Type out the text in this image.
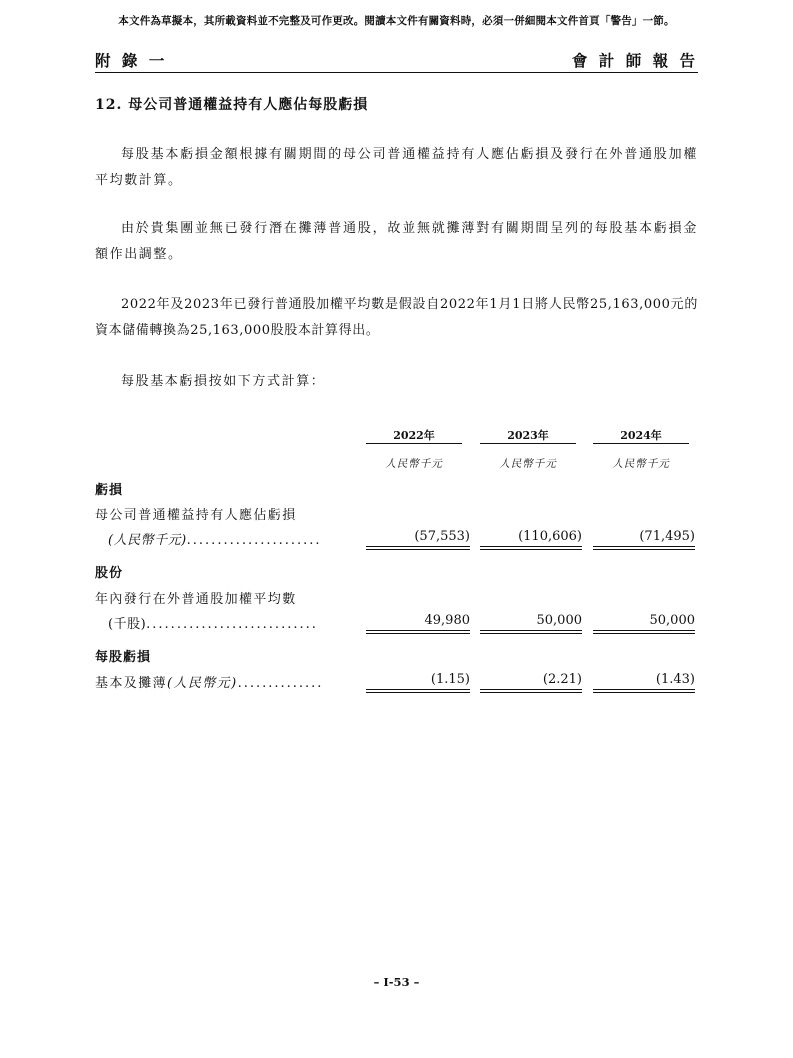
本文件為草擬本，其所載資料並不完整及可作更改。閱讀本文件有關資料時，必須一併細閱本文件首頁「警告」一節。
附 錄 一	會 計 師 報 告
12. 母公司普通權益持有人應佔每股虧損
每股基本虧損金額根據有關期間的母公司普通權益持有人應佔虧損及發行在外普通股加權平均數計算。
由於貴集團並無已發行潛在攤薄普通股，故並無就攤薄對有關期間呈列的每股基本虧損金額作出調整。
2022年及2023年已發行普通股加權平均數是假設自2022年1月1日將人民幣25,163,000元的資本儲備轉換為25,163,000股股本計算得出。
每股基本虧損按如下方式計算：
2022年	2023年	2024年
人民幣千元	人民幣千元	人民幣千元
虧損
母公司普通權益持有人應佔虧損
(人民幣千元)......................	(57,553)	(110,606)	(71,495)
股份
年內發行在外普通股加權平均數
(千股)............................	49,980	50,000	50,000
每股虧損
基本及攤薄(人民幣元)..............	(1.15)	(2.21)	(1.43)
– I-53 –
